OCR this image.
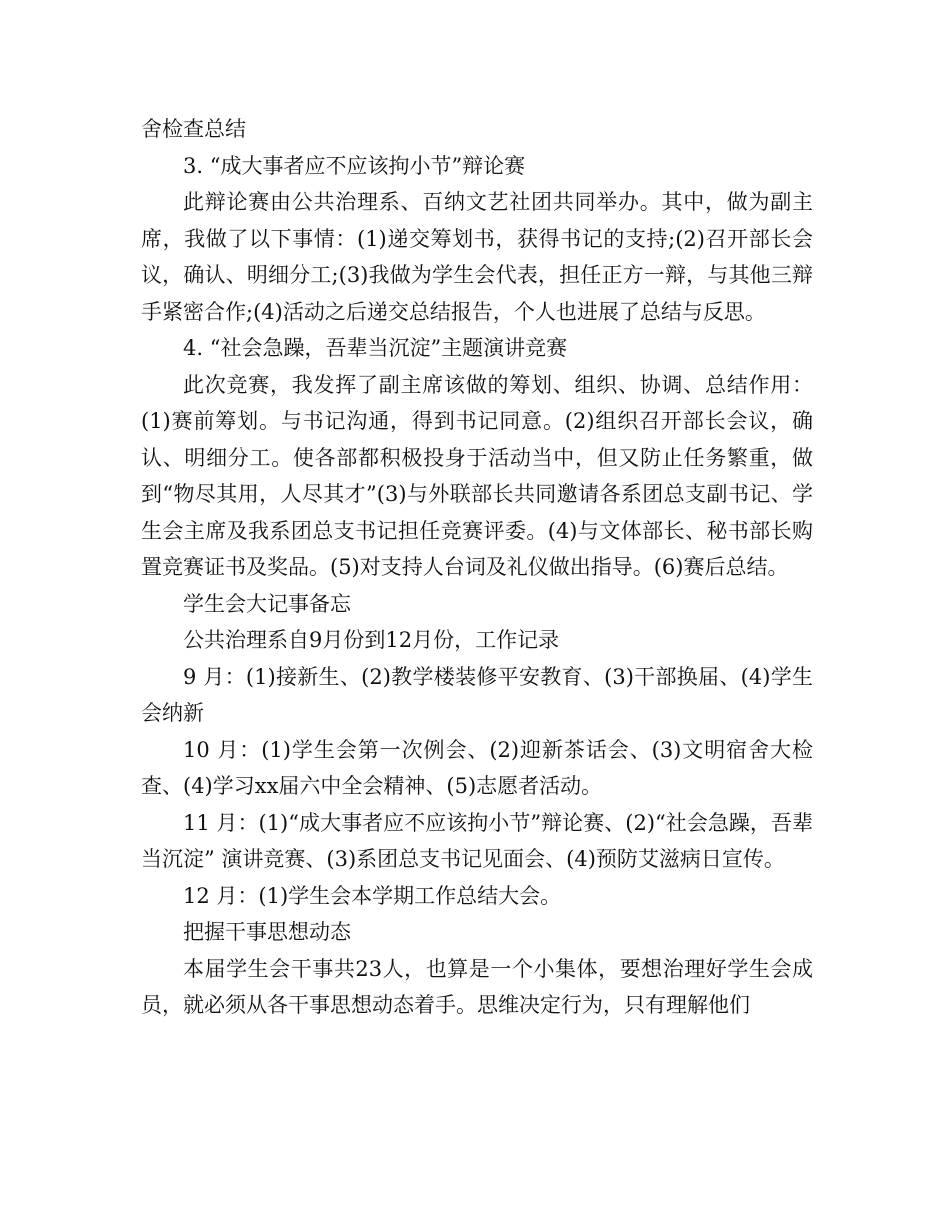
舍检查总结

3. “成大事者应不应该拘小节”辩论赛

此辩论赛由公共治理系、百纳文艺社团共同举办。其中，做为副主席，我做了以下事情：(1)递交筹划书，获得书记的支持;(2)召开部长会议，确认、明细分工;(3)我做为学生会代表，担任正方一辩，与其他三辩手紧密合作;(4)活动之后递交总结报告，个人也进展了总结与反思。

4. “社会急躁，吾辈当沉淀”主题演讲竞赛

此次竞赛，我发挥了副主席该做的筹划、组织、协调、总结作用：(1)赛前筹划。与书记沟通，得到书记同意。(2)组织召开部长会议，确认、明细分工。使各部都积极投身于活动当中，但又防止任务繁重，做到“物尽其用，人尽其才”(3)与外联部长共同邀请各系团总支副书记、学生会主席及我系团总支书记担任竞赛评委。(4)与文体部长、秘书部长购置竞赛证书及奖品。(5)对支持人台词及礼仪做出指导。(6)赛后总结。

学生会大记事备忘

公共治理系自9月份到12月份，工作记录

9 月：(1)接新生、(2)教学楼装修平安教育、(3)干部换届、(4)学生会纳新

10 月：(1)学生会第一次例会、(2)迎新茶话会、(3)文明宿舍大检查、(4)学习xx届六中全会精神、(5)志愿者活动。

11 月：(1)“成大事者应不应该拘小节”辩论赛、(2)“社会急躁，吾辈当沉淀” 演讲竞赛、(3)系团总支书记见面会、(4)预防艾滋病日宣传。

12 月：(1)学生会本学期工作总结大会。

把握干事思想动态

本届学生会干事共23人，也算是一个小集体，要想治理好学生会成员，就必须从各干事思想动态着手。思维决定行为，只有理解他们
